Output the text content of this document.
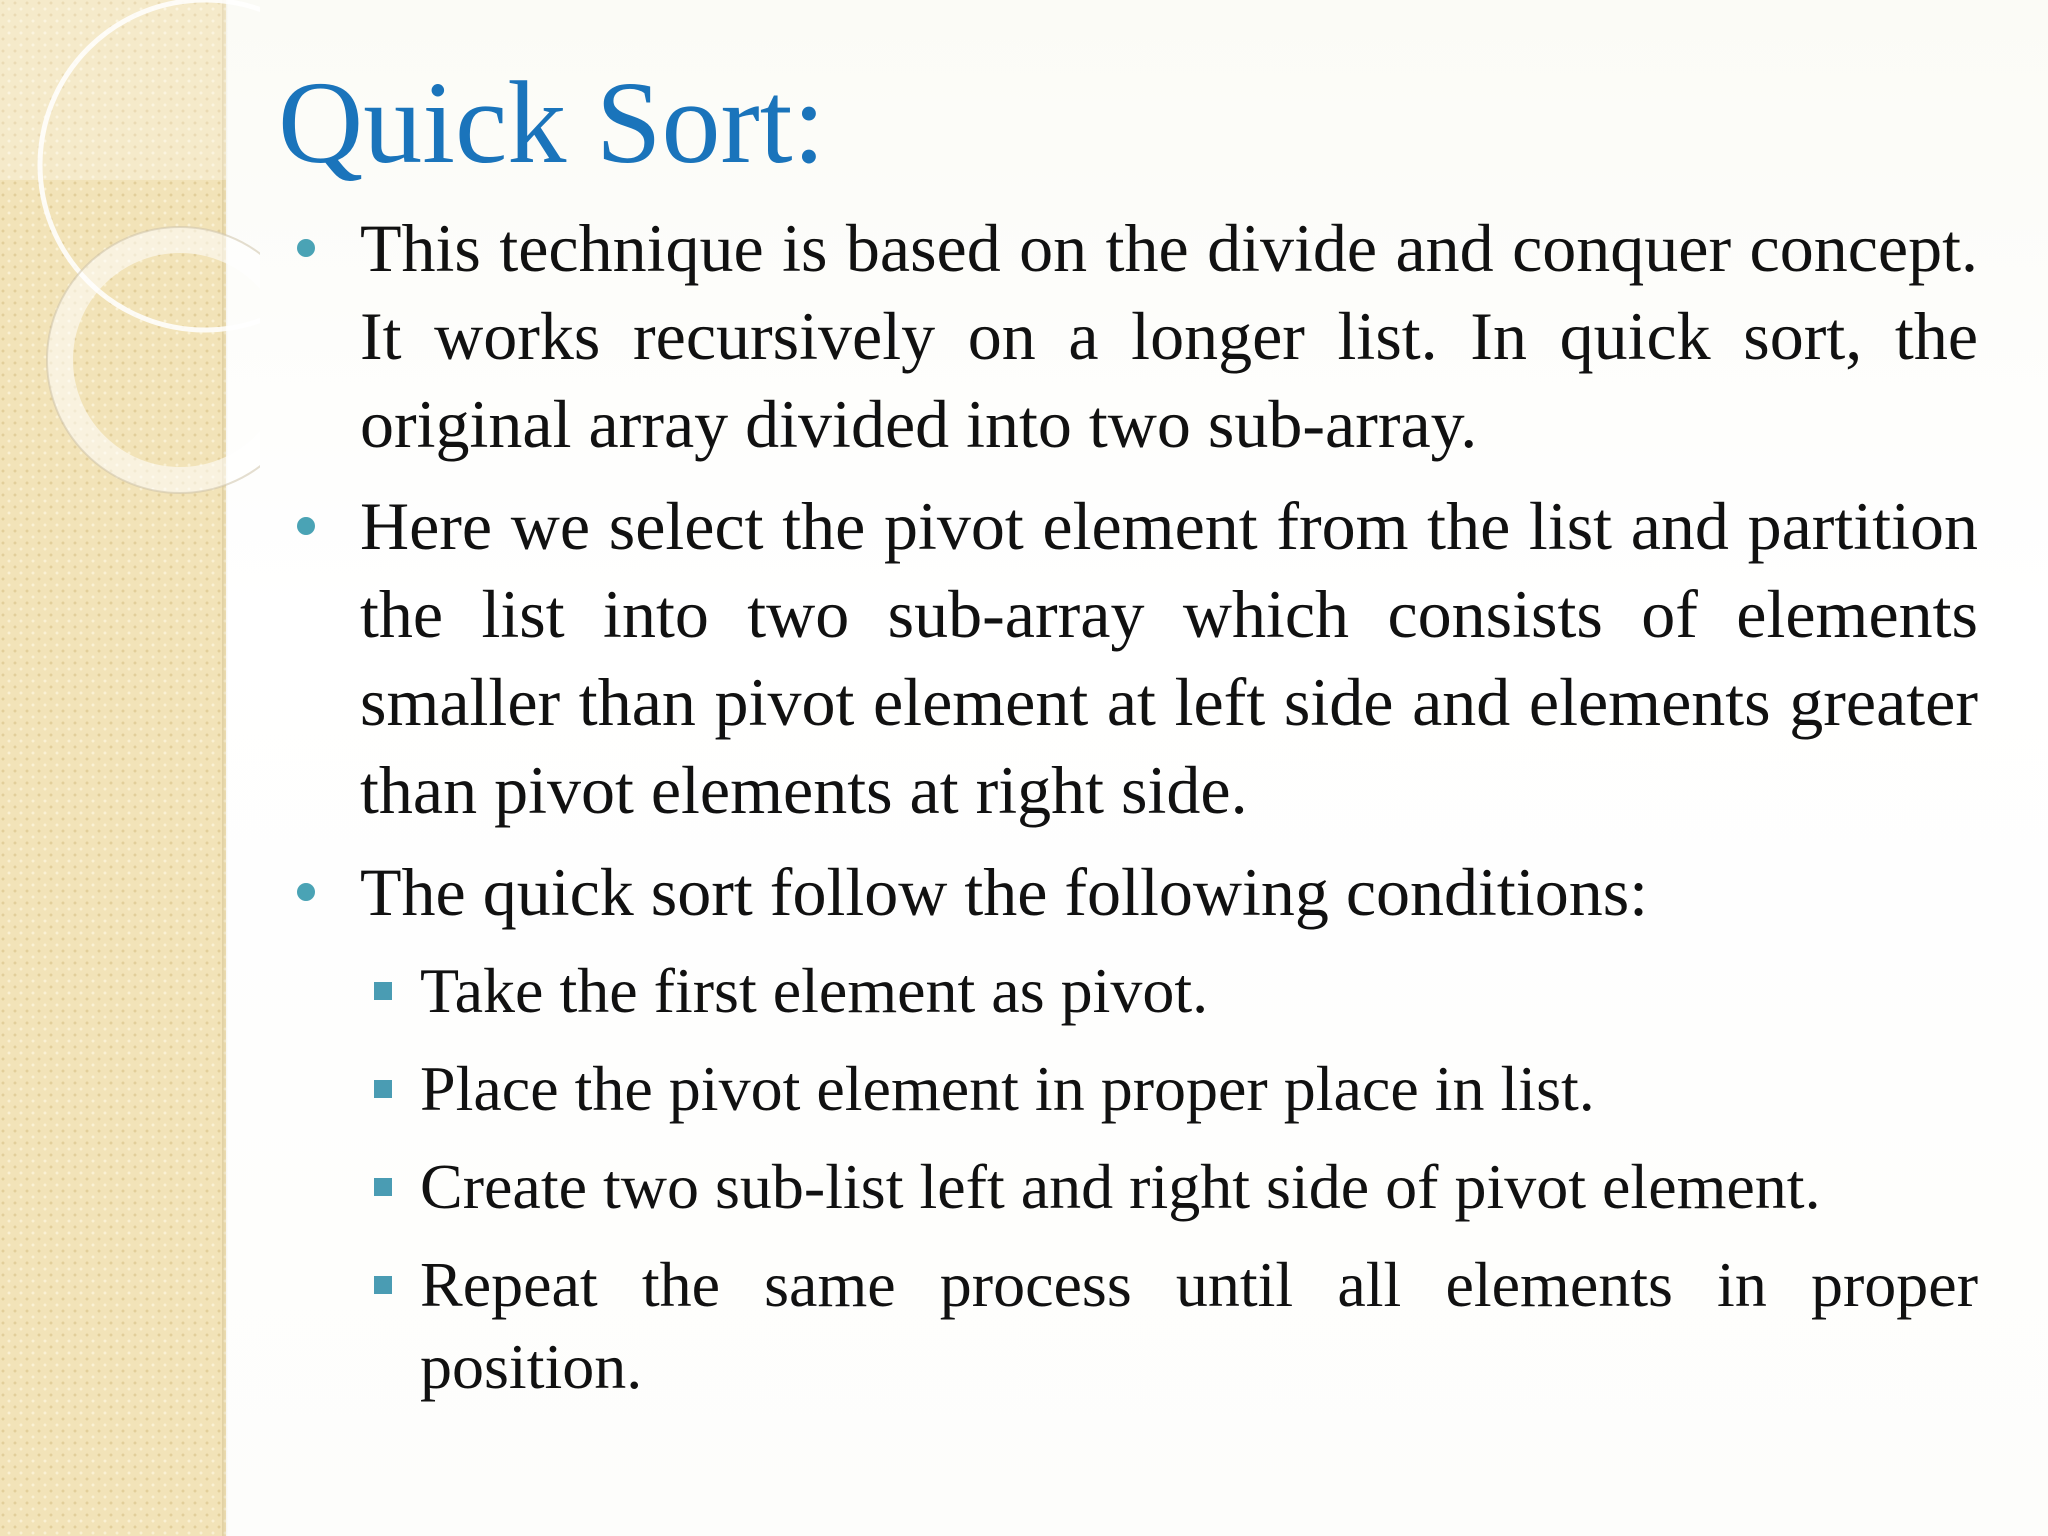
Quick Sort:
This technique is based on the divide and conquer concept. It works recursively on a longer list. In quick sort, the original array divided into two sub-array.
Here we select the pivot element from the list and partition the list into two sub-array which consists of elements smaller than pivot element at left side and elements greater than pivot elements at right side.
The quick sort follow the following conditions:
Take the first element as pivot.
Place the pivot element in proper place in list.
Create two sub-list left and right side of pivot element.
Repeat the same process until all elements in proper position.
